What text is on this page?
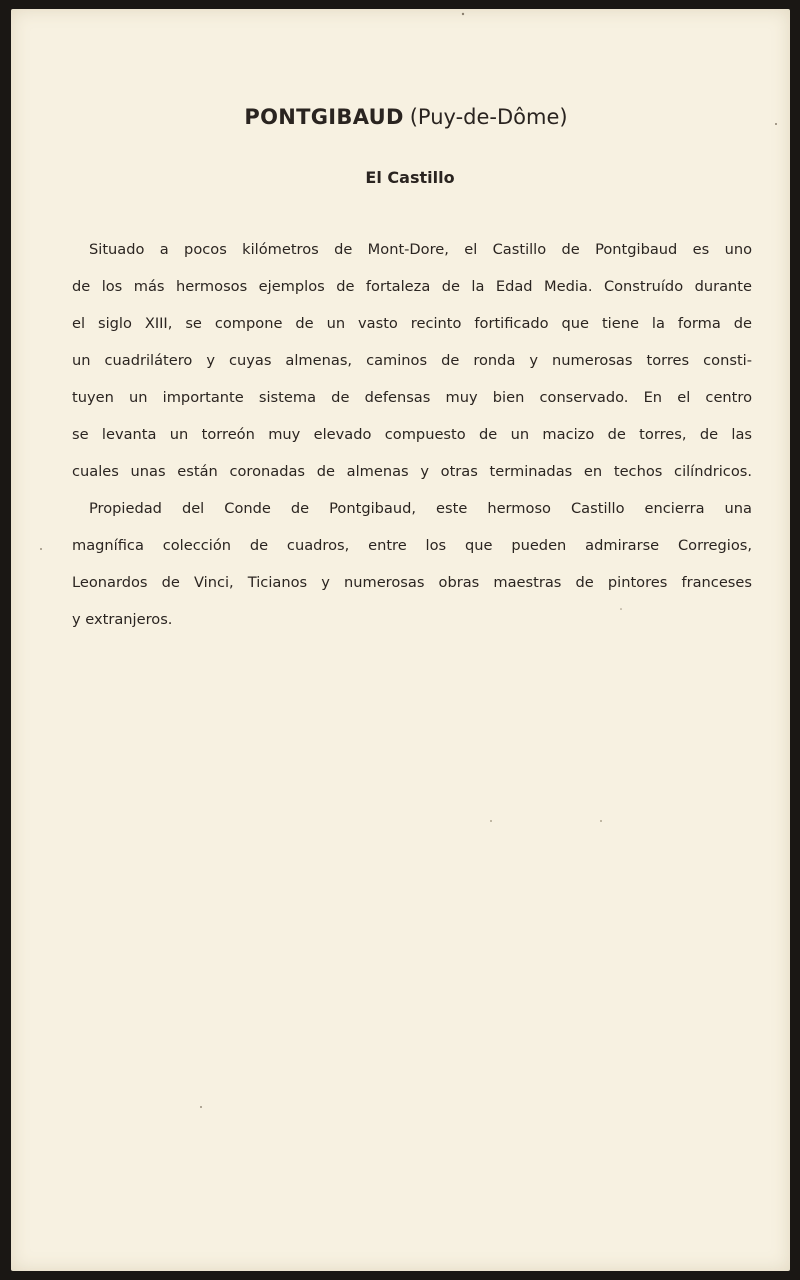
PONTGIBAUD (Puy-de-Dôme)
El Castillo
Situado a pocos kilómetros de Mont-Dore, el Castillo de Pontgibaud es uno
de los más hermosos ejemplos de fortaleza de la Edad Media. Construído durante
el siglo XIII, se compone de un vasto recinto fortificado que tiene la forma de
un cuadrilátero y cuyas almenas, caminos de ronda y numerosas torres consti-
tuyen un importante sistema de defensas muy bien conservado. En el centro
se levanta un torreón muy elevado compuesto de un macizo de torres, de las
cuales unas están coronadas de almenas y otras terminadas en techos cilíndricos.
Propiedad del Conde de Pontgibaud, este hermoso Castillo encierra una
magnífica colección de cuadros, entre los que pueden admirarse Corregios,
Leonardos de Vinci, Ticianos y numerosas obras maestras de pintores franceses
y extranjeros.
